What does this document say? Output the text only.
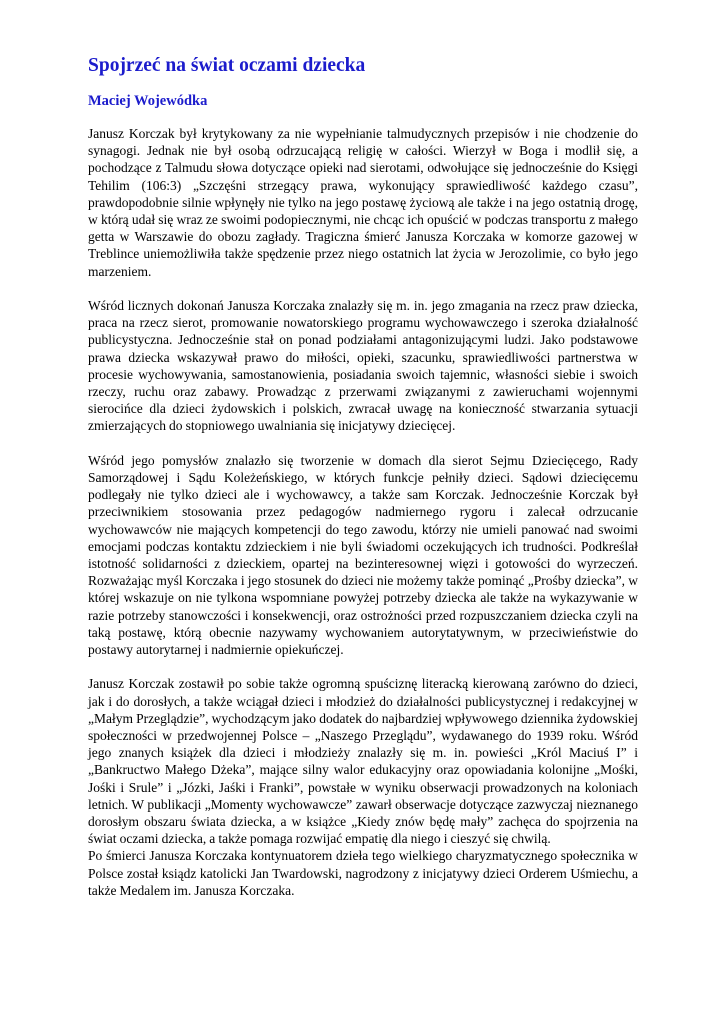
Spojrzeć na świat oczami dziecka
Maciej Wojewódka

Janusz Korczak był krytykowany za nie wypełnianie talmudycznych przepisów i nie chodzenie do synagogi. Jednak nie był osobą odrzucającą religię w całości. Wierzył w Boga i modlił się, a pochodzące z Talmudu słowa dotyczące opieki nad sierotami, odwołujące się jednocześnie do Księgi Tehilim (106:3) „Szczęśni strzegący prawa, wykonujący sprawiedliwość każdego czasu”, prawdopodobnie silnie wpłynęły nie tylko na jego postawę życiową ale także i na jego ostatnią drogę, w którą udał się wraz ze swoimi podopiecznymi, nie chcąc ich opuścić w podczas transportu z małego getta w Warszawie do obozu zagłady. Tragiczna śmierć Janusza Korczaka w komorze gazowej w Treblince uniemożliwiła także spędzenie przez niego ostatnich lat życia w Jerozolimie, co było jego marzeniem.

Wśród licznych dokonań Janusza Korczaka znalazły się m. in. jego zmagania na rzecz praw dziecka, praca na rzecz sierot, promowanie nowatorskiego programu wychowawczego i szeroka działalność publicystyczna. Jednocześnie stał on ponad podziałami antagonizującymi ludzi. Jako podstawowe prawa dziecka wskazywał prawo do miłości, opieki, szacunku, sprawiedliwości partnerstwa w procesie wychowywania, samostanowienia, posiadania swoich tajemnic, własności siebie i swoich rzeczy, ruchu oraz zabawy. Prowadząc z przerwami związanymi z zawieruchami wojennymi sierocińce dla dzieci żydowskich i polskich, zwracał uwagę na konieczność stwarzania sytuacji zmierzających do stopniowego uwalniania się inicjatywy dziecięcej.

Wśród jego pomysłów znalazło się tworzenie w domach dla sierot Sejmu Dziecięcego, Rady Samorządowej i Sądu Koleżeńskiego, w których funkcje pełniły dzieci. Sądowi dziecięcemu podlegały nie tylko dzieci ale i wychowawcy, a także sam Korczak. Jednocześnie Korczak był przeciwnikiem stosowania przez pedagogów nadmiernego rygoru i zalecał odrzucanie wychowawców nie mających kompetencji do tego zawodu, którzy nie umieli panować nad swoimi emocjami podczas kontaktu zdzieckiem i nie byli świadomi oczekujących ich trudności. Podkreślał istotność solidarności z dzieckiem, opartej na bezinteresownej więzi i gotowości do wyrzeczeń. Rozważając myśl Korczaka i jego stosunek do dzieci nie możemy także pominąć „Prośby dziecka”, w której wskazuje on nie tylkona wspomniane powyżej potrzeby dziecka ale także na wykazywanie w razie potrzeby stanowczości i konsekwencji, oraz ostrożności przed rozpuszczaniem dziecka czyli na taką postawę, którą obecnie nazywamy wychowaniem autorytatywnym, w przeciwieństwie do postawy autorytarnej i nadmiernie opiekuńczej.

Janusz Korczak zostawił po sobie także ogromną spuściznę literacką kierowaną zarówno do dzieci, jak i do dorosłych, a także wciągał dzieci i młodzież do działalności publicystycznej i redakcyjnej w „Małym Przeglądzie”, wychodzącym jako dodatek do najbardziej wpływowego dziennika żydowskiej społeczności w przedwojennej Polsce – „Naszego Przeglądu”, wydawanego do 1939 roku. Wśród jego znanych książek dla dzieci i młodzieży znalazły się m. in. powieści „Król Maciuś I” i „Bankructwo Małego Dżeka”, mające silny walor edukacyjny oraz opowiadania kolonijne „Mośki, Jośki i Srule” i „Józki, Jaśki i Franki”, powstałe w wyniku obserwacji prowadzonych na koloniach letnich. W publikacji „Momenty wychowawcze” zawarł obserwacje dotyczące zazwyczaj nieznanego dorosłym obszaru świata dziecka, a w książce „Kiedy znów będę mały” zachęca do spojrzenia na świat oczami dziecka, a także pomaga rozwijać empatię dla niego i cieszyć się chwilą.

Po śmierci Janusza Korczaka kontynuatorem dzieła tego wielkiego charyzmatycznego społecznika w Polsce został ksiądz katolicki Jan Twardowski, nagrodzony z inicjatywy dzieci Orderem Uśmiechu, a także Medalem im. Janusza Korczaka.
